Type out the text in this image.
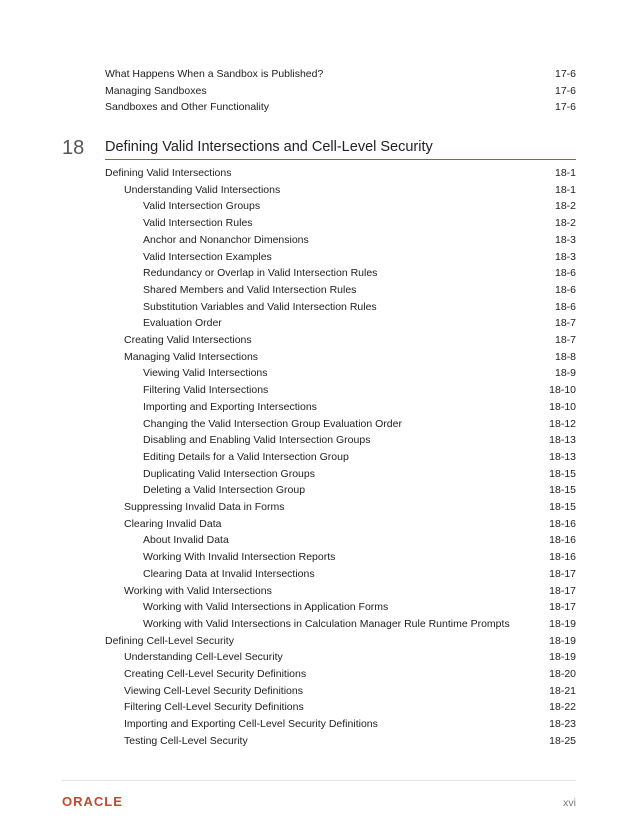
What Happens When a Sandbox is Published?	17-6
Managing Sandboxes	17-6
Sandboxes and Other Functionality	17-6
18 Defining Valid Intersections and Cell-Level Security
Defining Valid Intersections	18-1
Understanding Valid Intersections	18-1
Valid Intersection Groups	18-2
Valid Intersection Rules	18-2
Anchor and Nonanchor Dimensions	18-3
Valid Intersection Examples	18-3
Redundancy or Overlap in Valid Intersection Rules	18-6
Shared Members and Valid Intersection Rules	18-6
Substitution Variables and Valid Intersection Rules	18-6
Evaluation Order	18-7
Creating Valid Intersections	18-7
Managing Valid Intersections	18-8
Viewing Valid Intersections	18-9
Filtering Valid Intersections	18-10
Importing and Exporting Intersections	18-10
Changing the Valid Intersection Group Evaluation Order	18-12
Disabling and Enabling Valid Intersection Groups	18-13
Editing Details for a Valid Intersection Group	18-13
Duplicating Valid Intersection Groups	18-15
Deleting a Valid Intersection Group	18-15
Suppressing Invalid Data in Forms	18-15
Clearing Invalid Data	18-16
About Invalid Data	18-16
Working With Invalid Intersection Reports	18-16
Clearing Data at Invalid Intersections	18-17
Working with Valid Intersections	18-17
Working with Valid Intersections in Application Forms	18-17
Working with Valid Intersections in Calculation Manager Rule Runtime Prompts	18-19
Defining Cell-Level Security	18-19
Understanding Cell-Level Security	18-19
Creating Cell-Level Security Definitions	18-20
Viewing Cell-Level Security Definitions	18-21
Filtering Cell-Level Security Definitions	18-22
Importing and Exporting Cell-Level Security Definitions	18-23
Testing Cell-Level Security	18-25
ORACLE	xvi
